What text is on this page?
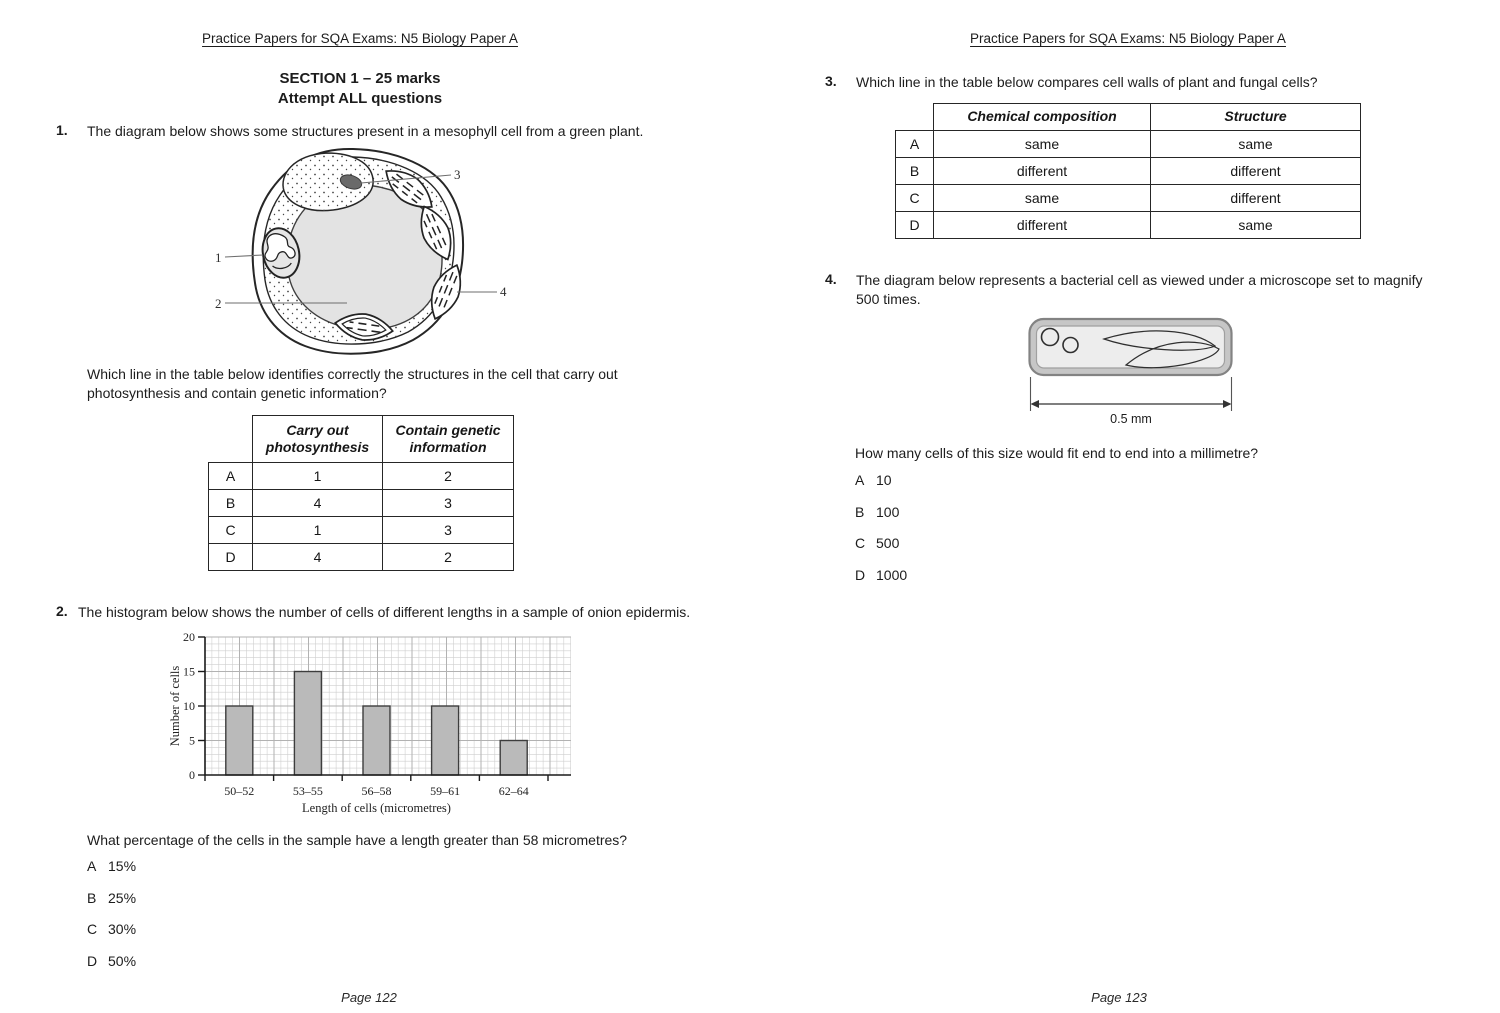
Practice Papers for SQA Exams: N5 Biology Paper A
SECTION 1 – 25 marks
Attempt ALL questions
1. The diagram below shows some structures present in a mesophyll cell from a green plant.
1
2
3
4
Which line in the table below identifies correctly the structures in the cell that carry out photosynthesis and contain genetic information?
	Carry out photosynthesis	Contain genetic information
A	1	2
B	4	3
C	1	3
D	4	2
2. The histogram below shows the number of cells of different lengths in a sample of onion epidermis.
0
5
10
15
20
50–52	53–55	56–58	59–61	62–64
Length of cells (micrometres)
Number of cells
What percentage of the cells in the sample have a length greater than 58 micrometres?
A 15%
B 25%
C 30%
D 50%
Page 122
Practice Papers for SQA Exams: N5 Biology Paper A
3. Which line in the table below compares cell walls of plant and fungal cells?
	Chemical composition	Structure
A	same	same
B	different	different
C	same	different
D	different	same
4. The diagram below represents a bacterial cell as viewed under a microscope set to magnify 500 times.
0.5 mm
How many cells of this size would fit end to end into a millimetre?
A 10
B 100
C 500
D 1000
Page 123
